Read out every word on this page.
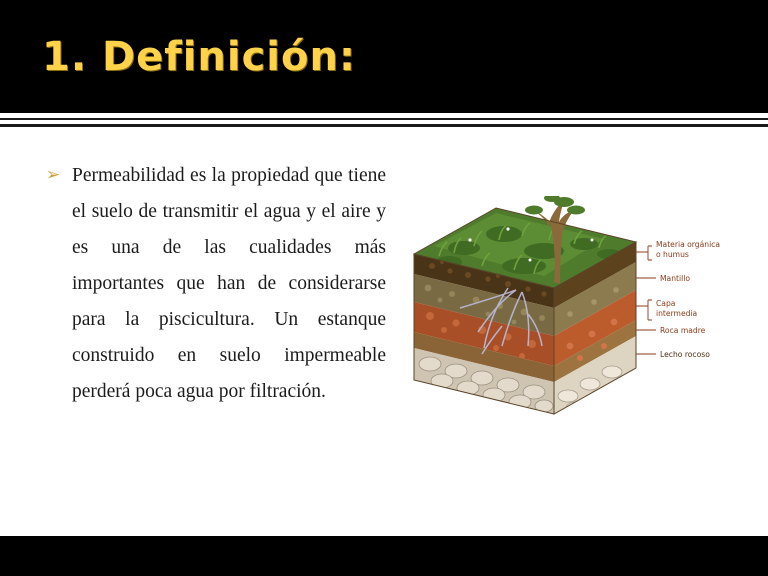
1. Definición:
➢ Permeabilidad es la propiedad que tiene el suelo de transmitir el agua y el aire y es una de las cualidades más importantes que han de considerarse para la piscicultura. Un estanque construido en suelo impermeable perderá poca agua por filtración.
Materia orgánica
o humus
Mantillo
Capa
intermedia
Roca madre
Lecho rocoso
